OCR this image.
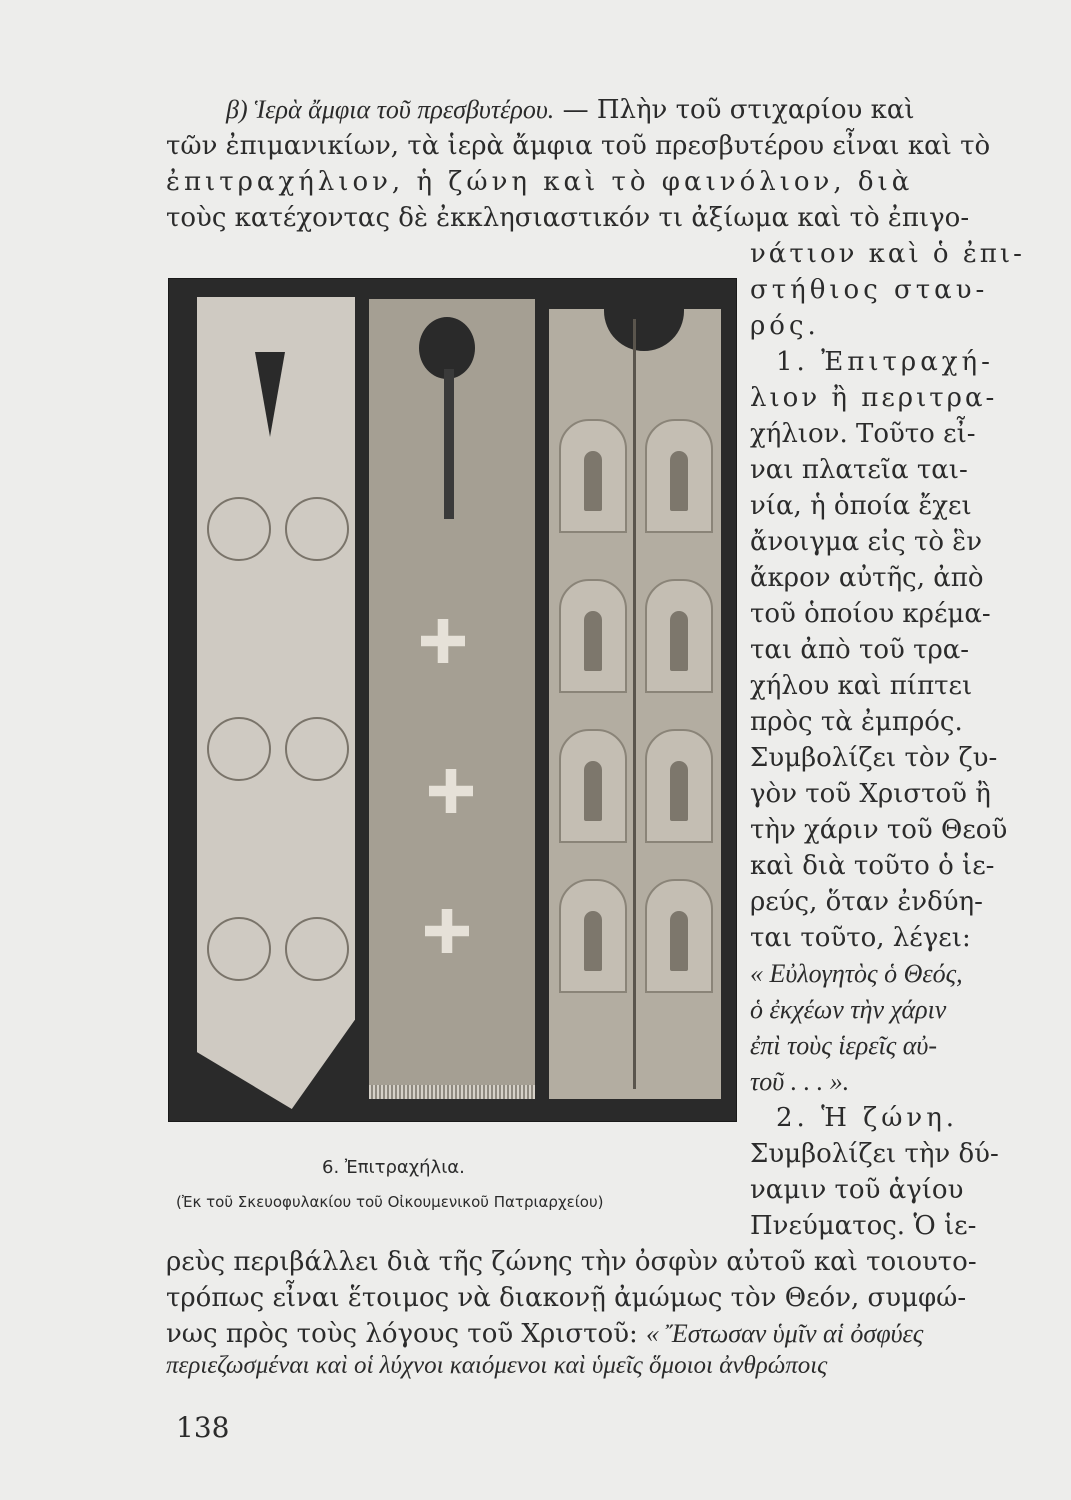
β) Ἱερὰ ἄμφια τοῦ πρεσβυτέρου. — Πλὴν τοῦ στιχαρίου καὶ
τῶν ἐπιμανικίων, τὰ ἱερὰ ἄμφια τοῦ πρεσβυτέρου εἶναι καὶ τὸ
ἐπιτραχήλιον, ἡ ζώνη καὶ τὸ φαινόλιον, διὰ
τοὺς κατέχοντας δὲ ἐκκλησιαστικόν τι ἀξίωμα καὶ τὸ ἐπιγο-
νάτιον καὶ ὁ ἐπι-
στήθιος σταυ-
ρός.
1. Ἐπιτραχή-
λιον ἢ περιτρα-
χήλιον. Τοῦτο εἶ-
ναι πλατεῖα ται-
νία, ἡ ὁποία ἔχει
ἄνοιγμα εἰς τὸ ἓν
ἄκρον αὐτῆς, ἀπὸ
τοῦ ὁποίου κρέμα-
ται ἀπὸ τοῦ τρα-
χήλου καὶ πίπτει
πρὸς τὰ ἐμπρός.
Συμβολίζει τὸν ζυ-
γὸν τοῦ Χριστοῦ ἢ
τὴν χάριν τοῦ Θεοῦ
καὶ διὰ τοῦτο ὁ ἱε-
ρεύς, ὅταν ἐνδύη-
ται τοῦτο, λέγει:
« Εὐλογητὸς ὁ Θεός,
ὁ ἐκχέων τὴν χάριν
ἐπὶ τοὺς ἱερεῖς αὐ-
τοῦ . . . ».
2. Ἡ ζώνη.
Συμβολίζει τὴν δύ-
ναμιν τοῦ ἁγίου
Πνεύματος. Ὁ ἱε-
6. Ἐπιτραχήλια.
(Ἐκ τοῦ Σκευοφυλακίου τοῦ Οἰκουμενικοῦ Πατριαρχείου)
ρεὺς περιβάλλει διὰ τῆς ζώνης τὴν ὀσφὺν αὐτοῦ καὶ τοιουτο-
τρόπως εἶναι ἕτοιμος νὰ διακονῇ ἀμώμως τὸν Θεόν, συμφώ-
νως πρὸς τοὺς λόγους τοῦ Χριστοῦ: « Ἔστωσαν ὑμῖν αἱ ὀσφύες
περιεζωσμέναι καὶ οἱ λύχνοι καιόμενοι καὶ ὑμεῖς ὅμοιοι ἀνθρώποις
138
